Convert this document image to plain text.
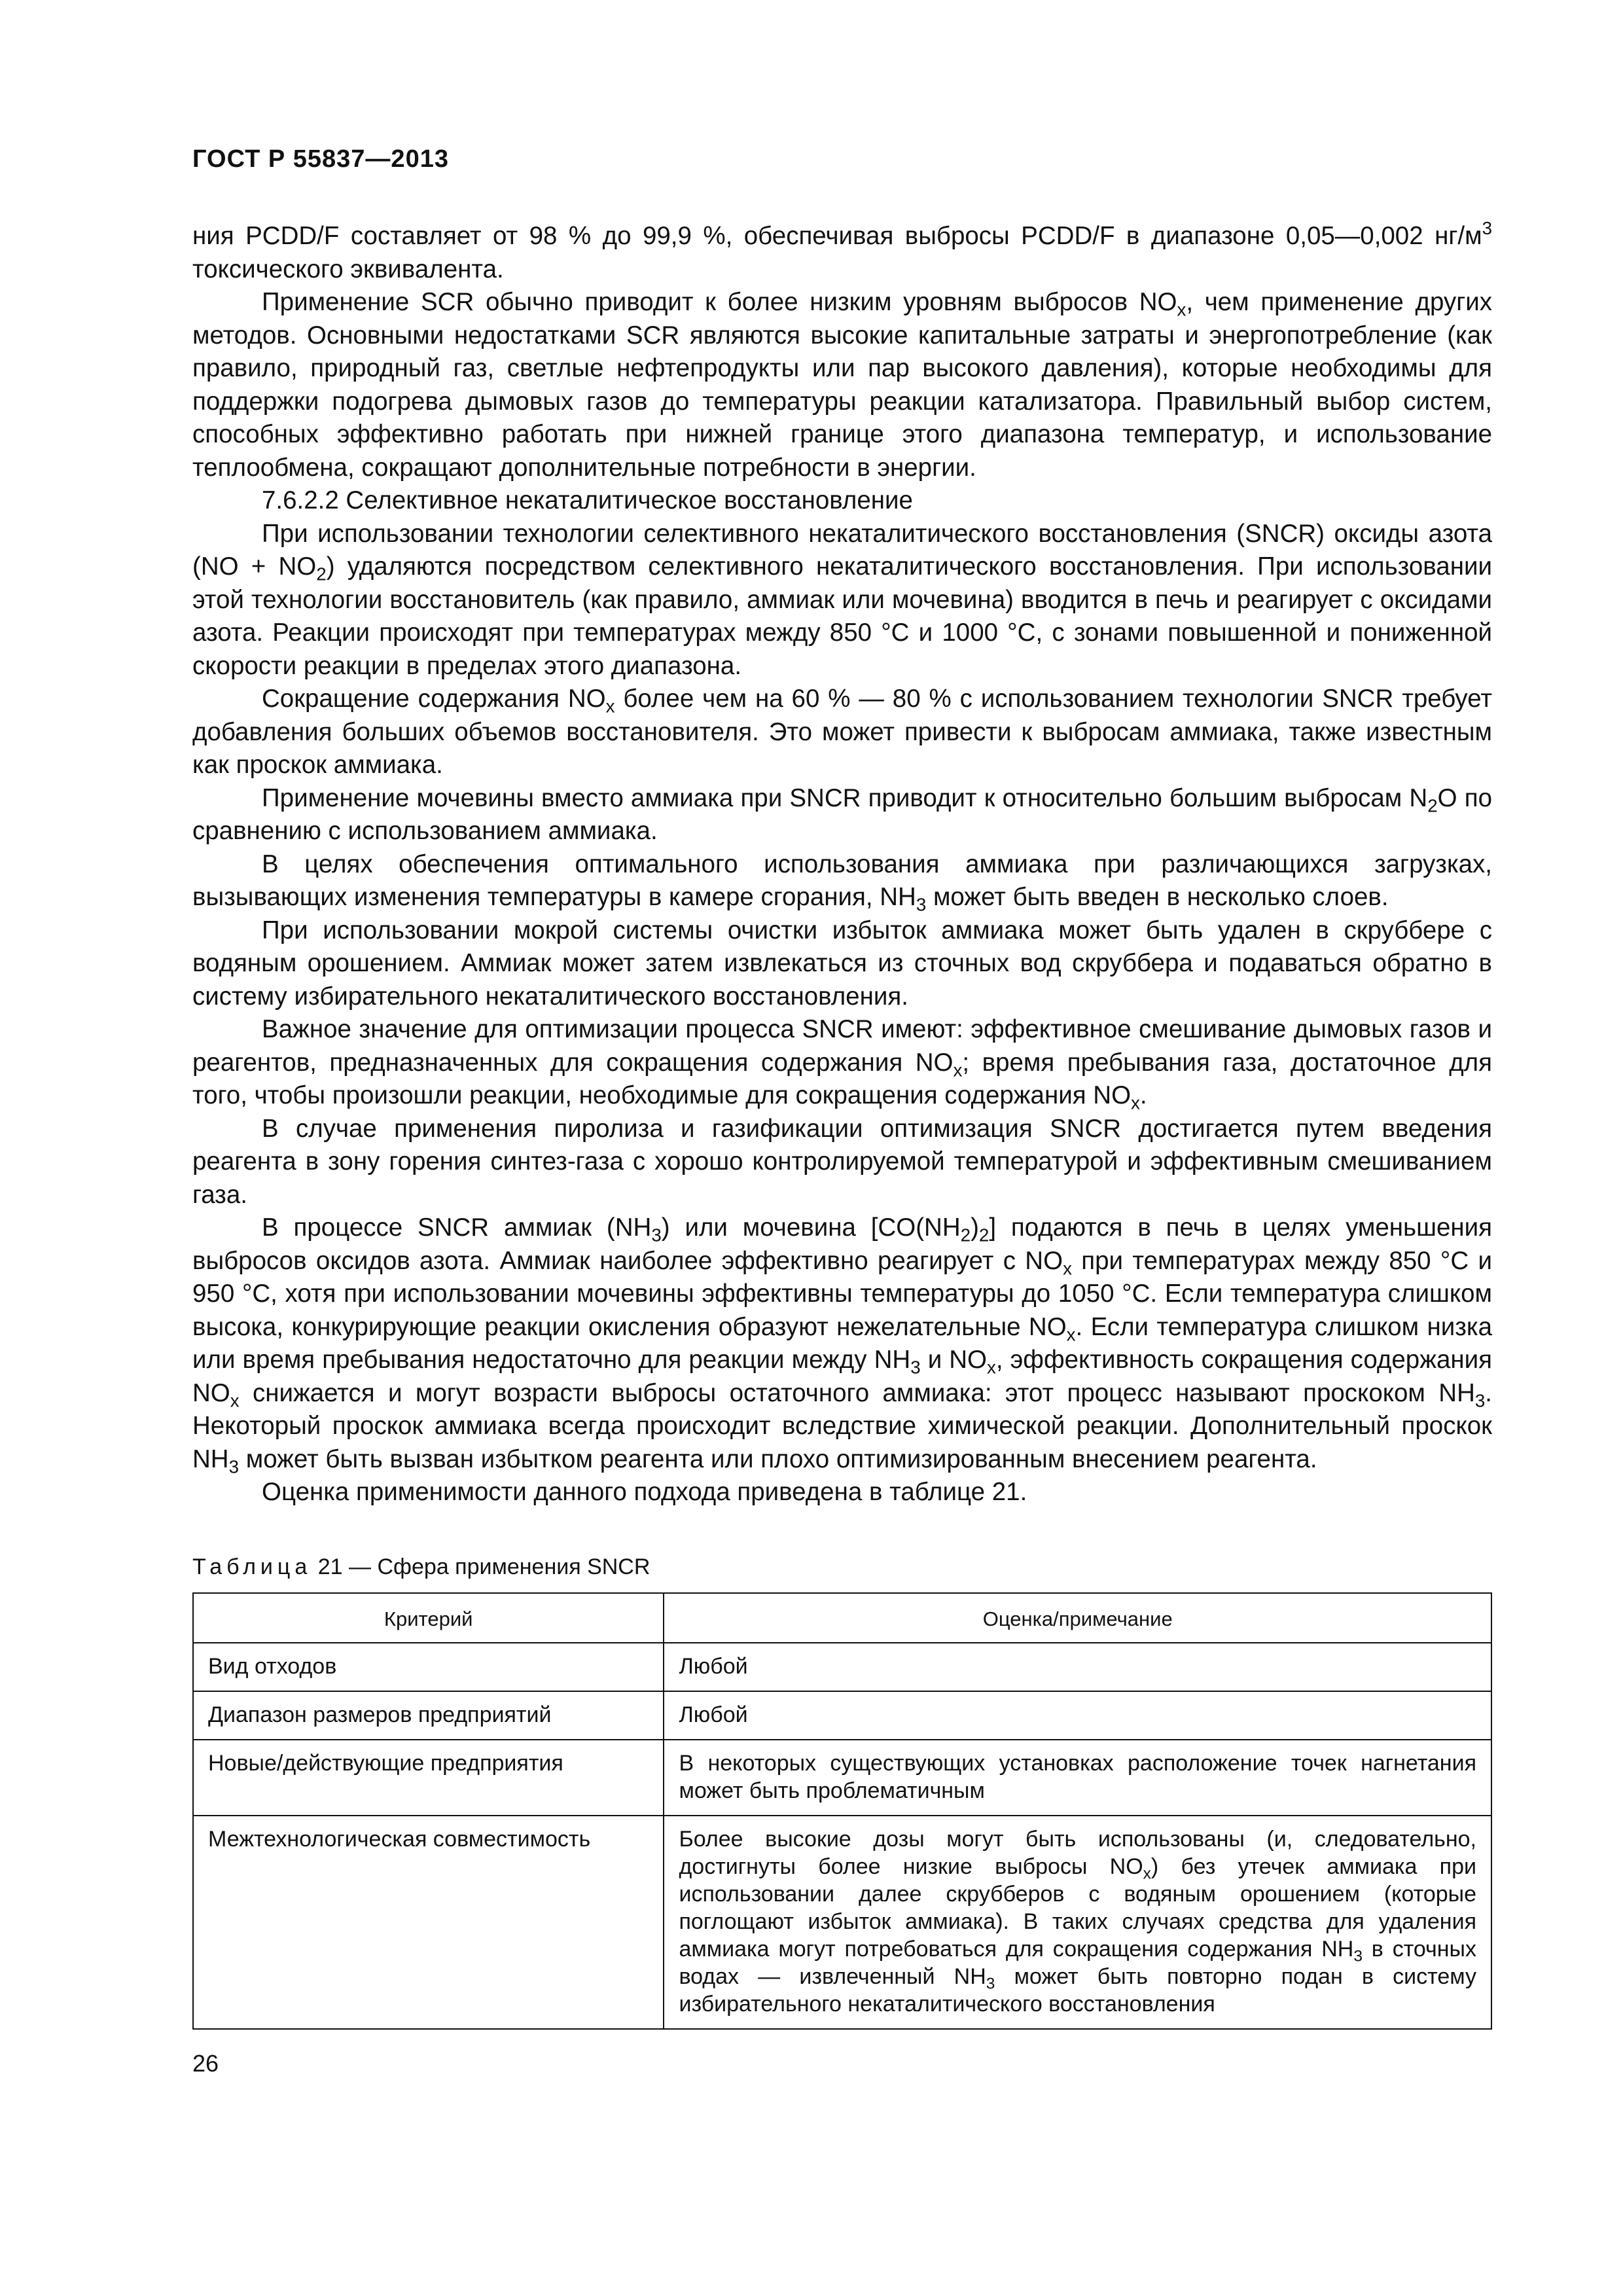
ГОСТ Р 55837—2013

ния PCDD/F составляет от 98 % до 99,9 %, обеспечивая выбросы PCDD/F в диапазоне 0,05—0,002 $нг/м^3$ токсического эквивалента.

Применение SCR обычно приводит к более низким уровням выбросов $NO_x$, чем применение других методов. Основными недостатками SCR являются высокие капитальные затраты и энергопотребление (как правило, природный газ, светлые нефтепродукты или пар высокого давления), которые необходимы для поддержки подогрева дымовых газов до температуры реакции катализатора. Правильный выбор систем, способных эффективно работать при нижней границе этого диапазона температур, и использование теплообмена, сокращают дополнительные потребности в энергии.

7.6.2.2 Селективное некаталитическое восстановление

При использовании технологии селективного некаталитического восстановления (SNCR) оксиды азота $(NO + NO_2)$ удаляются посредством селективного некаталитического восстановления. При использовании этой технологии восстановитель (как правило, аммиак или мочевина) вводится в печь и реагирует с оксидами азота. Реакции происходят при температурах между 850 °C и 1000 °C, с зонами повышенной и пониженной скорости реакции в пределах этого диапазона.

Сокращение содержания $NO_x$ более чем на 60 % — 80 % с использованием технологии SNCR требует добавления больших объемов восстановителя. Это может привести к выбросам аммиака, также известным как проскок аммиака.

Применение мочевины вместо аммиака при SNCR приводит к относительно большим выбросам $N_2O$ по сравнению с использованием аммиака.

В целях обеспечения оптимального использования аммиака при различающихся загрузках, вызывающих изменения температуры в камере сгорания, $NH_3$ может быть введен в несколько слоев.

При использовании мокрой системы очистки избыток аммиака может быть удален в скруббере с водяным орошением. Аммиак может затем извлекаться из сточных вод скруббера и подаваться обратно в систему избирательного некаталитического восстановления.

Важное значение для оптимизации процесса SNCR имеют: эффективное смешивание дымовых газов и реагентов, предназначенных для сокращения содержания $NO_x$; время пребывания газа, достаточное для того, чтобы произошли реакции, необходимые для сокращения содержания $NO_x$.

В случае применения пиролиза и газификации оптимизация SNCR достигается путем введения реагента в зону горения синтез-газа с хорошо контролируемой температурой и эффективным смешиванием газа.

В процессе SNCR аммиак $(NH_3)$ или мочевина $[CO(NH_2)_2]$ подаются в печь в целях уменьшения выбросов оксидов азота. Аммиак наиболее эффективно реагирует с $NO_x$ при температурах между 850 °C и 950 °C, хотя при использовании мочевины эффективны температуры до 1050 °C. Если температура слишком высока, конкурирующие реакции окисления образуют нежелательные $NO_x$. Если температура слишком низка или время пребывания недостаточно для реакции между $NH_3$ и $NO_x$, эффективность сокращения содержания $NO_x$ снижается и могут возрасти выбросы остаточного аммиака: этот процесс называют проскоком $NH_3$. Некоторый проскок аммиака всегда происходит вследствие химической реакции. Дополнительный проскок $NH_3$ может быть вызван избытком реагента или плохо оптимизированным внесением реагента.

Оценка применимости данного подхода приведена в таблице 21.

Таблица 21 — Сфера применения SNCR
Критерий	Оценка/примечание
Вид отходов	Любой
Диапазон размеров предприятий	Любой
Новые/действующие предприятия	В некоторых существующих установках расположение точек нагнетания может быть проблематичным
Межтехнологическая совместимость	Более высокие дозы могут быть использованы (и, следовательно, достигнуты более низкие выбросы $NO_x$) без утечек аммиака при использовании далее скрубберов с водяным орошением (которые поглощают избыток аммиака). В таких случаях средства для удаления аммиака могут потребоваться для сокращения содержания $NH_3$ в сточных водах — извлеченный $NH_3$ может быть повторно подан в систему избирательного некаталитического восстановления
26
